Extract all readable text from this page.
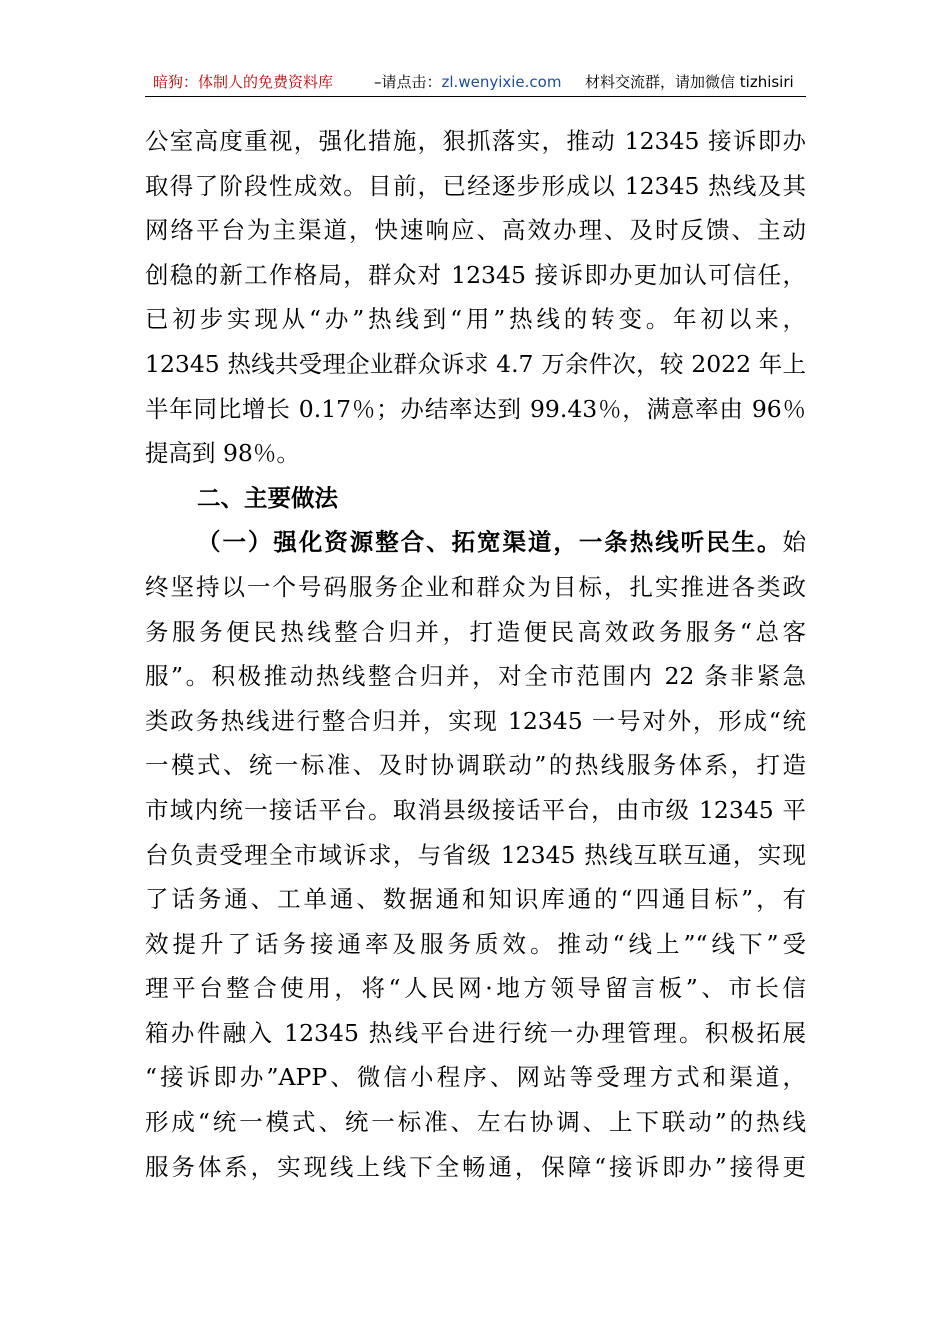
暗狗：体制人的免费资料库	–请点击：zl.wenyixie.com 材料交流群，请加微信 tizhisiri
公室高度重视，强化措施，狠抓落实，推动 12345 接诉即办
取得了阶段性成效。目前，已经逐步形成以 12345 热线及其
网络平台为主渠道，快速响应、高效办理、及时反馈、主动
创稳的新工作格局，群众对 12345 接诉即办更加认可信任，
已初步实现从“办”热线到“用”热线的转变。年初以来，
12345 热线共受理企业群众诉求 4.7 万余件次，较 2022 年上
半年同比增长 0.17％；办结率达到 99.43％，满意率由 96％
提高到 98％。
二、主要做法
（一）强化资源整合、拓宽渠道，一条热线听民生。始
终坚持以一个号码服务企业和群众为目标，扎实推进各类政
务服务便民热线整合归并，打造便民高效政务服务“总客
服”。积极推动热线整合归并，对全市范围内 22 条非紧急
类政务热线进行整合归并，实现 12345 一号对外，形成“统
一模式、统一标准、及时协调联动”的热线服务体系，打造
市域内统一接话平台。取消县级接话平台，由市级 12345 平
台负责受理全市域诉求，与省级 12345 热线互联互通，实现
了话务通、工单通、数据通和知识库通的“四通目标”，有
效提升了话务接通率及服务质效。推动“线上”“线下”受
理平台整合使用，将“人民网·地方领导留言板”、市长信
箱办件融入 12345 热线平台进行统一办理管理。积极拓展
“接诉即办”APP、微信小程序、网站等受理方式和渠道，
形成“统一模式、统一标准、左右协调、上下联动”的热线
服务体系，实现线上线下全畅通，保障“接诉即办”接得更
